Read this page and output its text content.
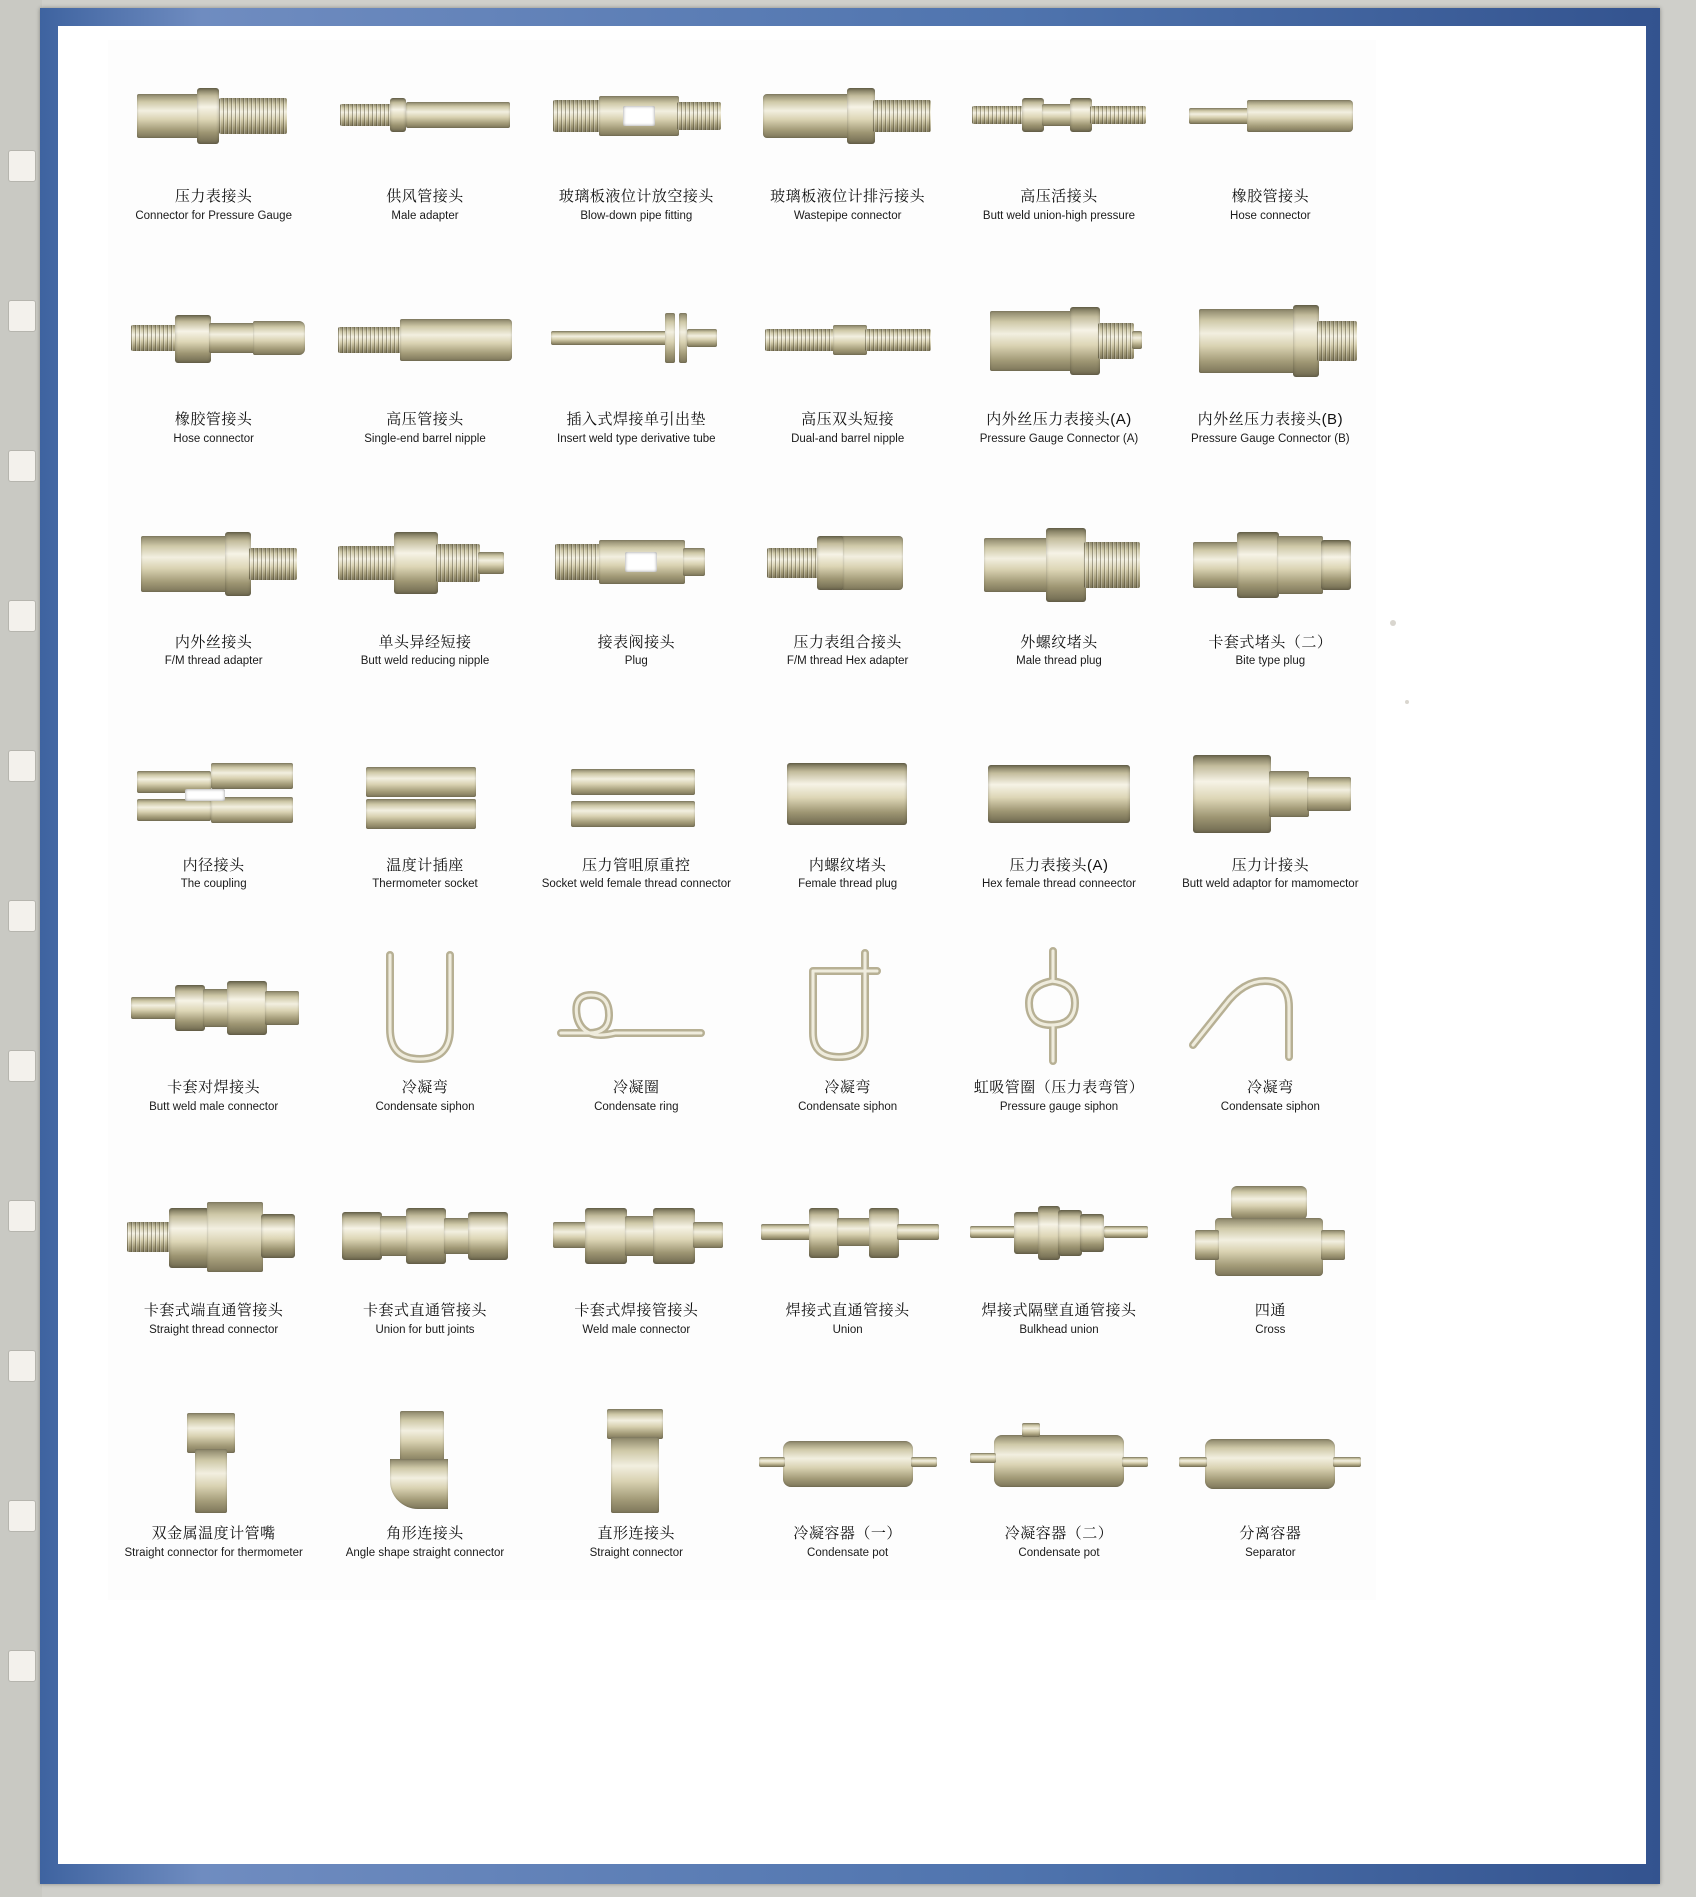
压力表接头
Connector for Pressure Gauge
供风管接头
Male adapter
玻璃板液位计放空接头
Blow-down pipe fitting
玻璃板液位计排污接头
Wastepipe connector
高压活接头
Butt weld union-high pressure
橡胶管接头
Hose connector
橡胶管接头
Hose connector
高压管接头
Single-end barrel nipple
插入式焊接单引出垫
Insert weld type derivative tube
高压双头短接
Dual-and barrel nipple
内外丝压力表接头(A)
Pressure Gauge Connector (A)
内外丝压力表接头(B)
Pressure Gauge Connector (B)
内外丝接头
F/M thread adapter
单头异经短接
Butt weld reducing nipple
接表阀接头
Plug
压力表组合接头
F/M thread Hex adapter
外螺纹堵头
Male thread plug
卡套式堵头（二）
Bite type plug
内径接头
The coupling
温度计插座
Thermometer socket
压力管咀原重控
Socket weld female thread connector
内螺纹堵头
Female thread plug
压力表接头(A)
Hex female thread conneector
压力计接头
Butt weld adaptor for mamomector
卡套对焊接头
Butt weld male connector
冷凝弯
Condensate siphon
冷凝圈
Condensate ring
冷凝弯
Condensate siphon
虹吸管圈（压力表弯管）
Pressure gauge siphon
冷凝弯
Condensate siphon
卡套式端直通管接头
Straight thread connector
卡套式直通管接头
Union for butt joints
卡套式焊接管接头
Weld male connector
焊接式直通管接头
Union
焊接式隔壁直通管接头
Bulkhead union
四通
Cross
双金属温度计管嘴
Straight connector for thermometer
角形连接头
Angle shape straight connector
直形连接头
Straight connector
冷凝容器（一）
Condensate pot
冷凝容器（二）
Condensate pot
分离容器
Separator
